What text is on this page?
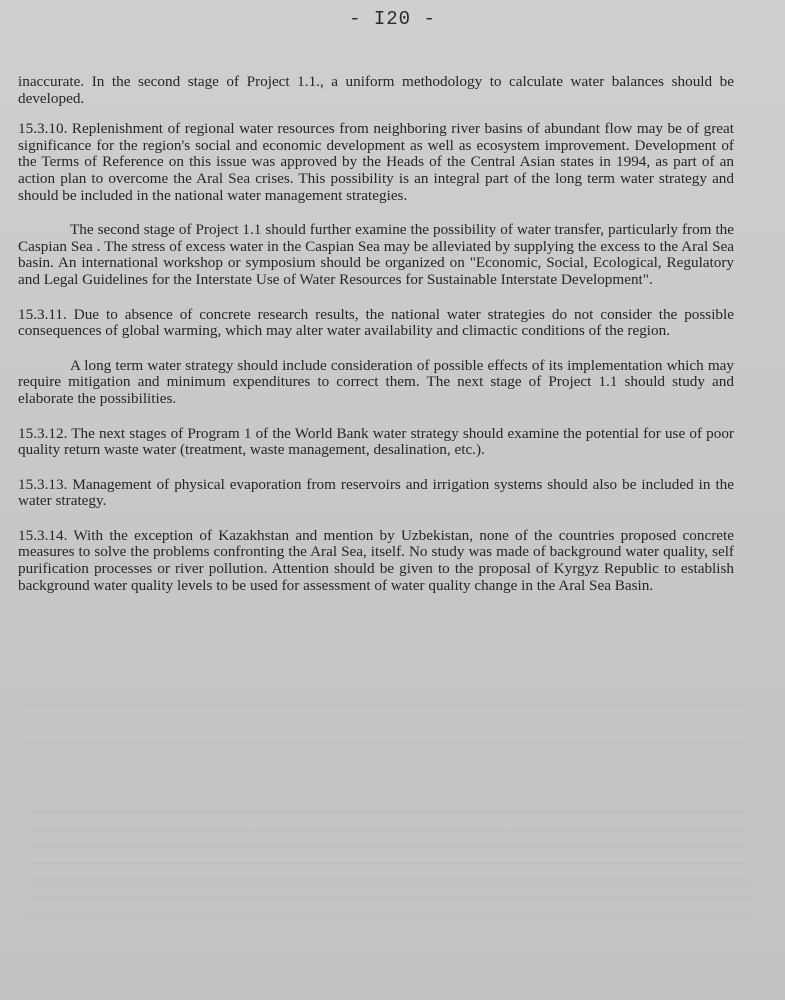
- I20 -

inaccurate. In the second stage of Project 1.1., a uniform methodology to calculate water balances should be developed.

15.3.10. Replenishment of regional water resources from neighboring river basins of abundant flow may be of great significance for the region's social and economic development as well as ecosystem improvement. Development of the Terms of Reference on this issue was approved by the Heads of the Central Asian states in 1994, as part of an action plan to overcome the Aral Sea crises. This possibility is an integral part of the long term water strategy and should be included in the national water management strategies.

The second stage of Project 1.1 should further examine the possibility of water transfer, particularly from the Caspian Sea . The stress of excess water in the Caspian Sea may be alleviated by supplying the excess to the Aral Sea basin. An international workshop or symposium should be organized on "Economic, Social, Ecological, Regulatory and Legal Guidelines for the Interstate Use of Water Resources for Sustainable Interstate Development".

15.3.11. Due to absence of concrete research results, the national water strategies do not consider the possible consequences of global warming, which may alter water availability and climactic conditions of the region.

A long term water strategy should include consideration of possible effects of its implementation which may require mitigation and minimum expenditures to correct them. The next stage of Project 1.1 should study and elaborate the possibilities.

15.3.12. The next stages of Program 1 of the World Bank water strategy should examine the potential for use of poor quality return waste water (treatment, waste management, desalination, etc.).

15.3.13. Management of physical evaporation from reservoirs and irrigation systems should also be included in the water strategy.

15.3.14. With the exception of Kazakhstan and mention by Uzbekistan, none of the countries proposed concrete measures to solve the problems confronting the Aral Sea, itself. No study was made of background water quality, self purification processes or river pollution. Attention should be given to the proposal of Kyrgyz Republic to establish background water quality levels to be used for assessment of water quality change in the Aral Sea Basin.
